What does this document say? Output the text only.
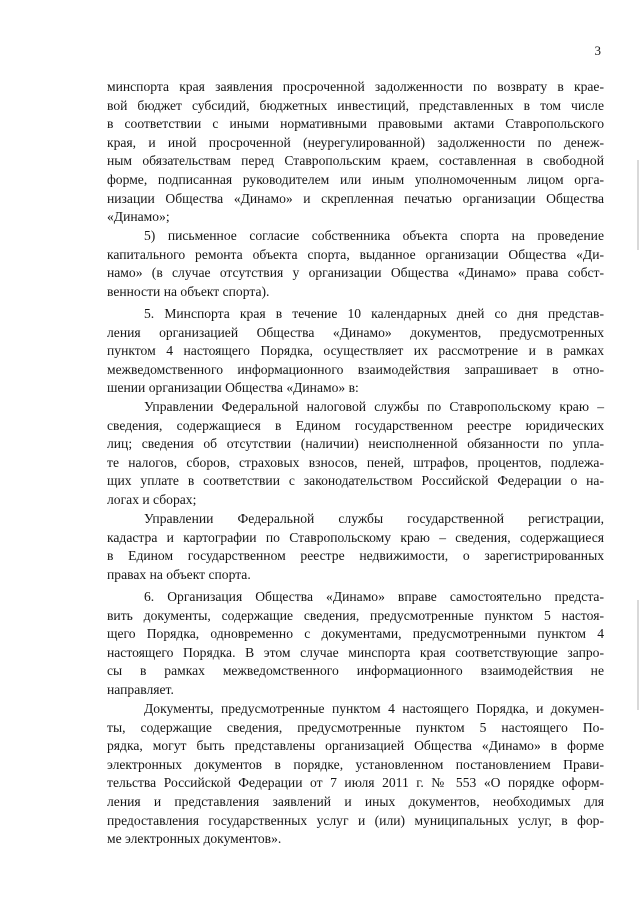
3
минспорта края заявления просроченной задолженности по возврату в крае-
вой бюджет субсидий, бюджетных инвестиций, представленных в том числе
в соответствии с иными нормативными правовыми актами Ставропольского
края, и иной просроченной (неурегулированной) задолженности по денеж-
ным обязательствам перед Ставропольским краем, составленная в свободной
форме, подписанная руководителем или иным уполномоченным лицом орга-
низации Общества «Динамо» и скрепленная печатью организации Общества
«Динамо»;
5) письменное согласие собственника объекта спорта на проведение
капитального ремонта объекта спорта, выданное организации Общества «Ди-
намо» (в случае отсутствия у организации Общества «Динамо» права собст-
венности на объект спорта).
5. Минспорта края в течение 10 календарных дней со дня представ-
ления организацией Общества «Динамо» документов, предусмотренных
пунктом 4 настоящего Порядка, осуществляет их рассмотрение и в рамках
межведомственного информационного взаимодействия запрашивает в отно-
шении организации Общества «Динамо» в:
Управлении Федеральной налоговой службы по Ставропольскому краю –
сведения, содержащиеся в Едином государственном реестре юридических
лиц; сведения об отсутствии (наличии) неисполненной обязанности по упла-
те налогов, сборов, страховых взносов, пеней, штрафов, процентов, подлежа-
щих уплате в соответствии с законодательством Российской Федерации о на-
логах и сборах;
Управлении Федеральной службы государственной регистрации,
кадастра и картографии по Ставропольскому краю – сведения, содержащиеся
в Едином государственном реестре недвижимости, о зарегистрированных
правах на объект спорта.
6. Организация Общества «Динамо» вправе самостоятельно предста-
вить документы, содержащие сведения, предусмотренные пунктом 5 настоя-
щего Порядка, одновременно с документами, предусмотренными пунктом 4
настоящего Порядка. В этом случае минспорта края соответствующие запро-
сы в рамках межведомственного информационного взаимодействия не
направляет.
Документы, предусмотренные пунктом 4 настоящего Порядка, и докумен-
ты, содержащие сведения, предусмотренные пунктом 5 настоящего По-
рядка, могут быть представлены организацией Общества «Динамо» в форме
электронных документов в порядке, установленном постановлением Прави-
тельства Российской Федерации от 7 июля 2011 г. № 553 «О порядке оформ-
ления и представления заявлений и иных документов, необходимых для
предоставления государственных услуг и (или) муниципальных услуг, в фор-
ме электронных документов».
